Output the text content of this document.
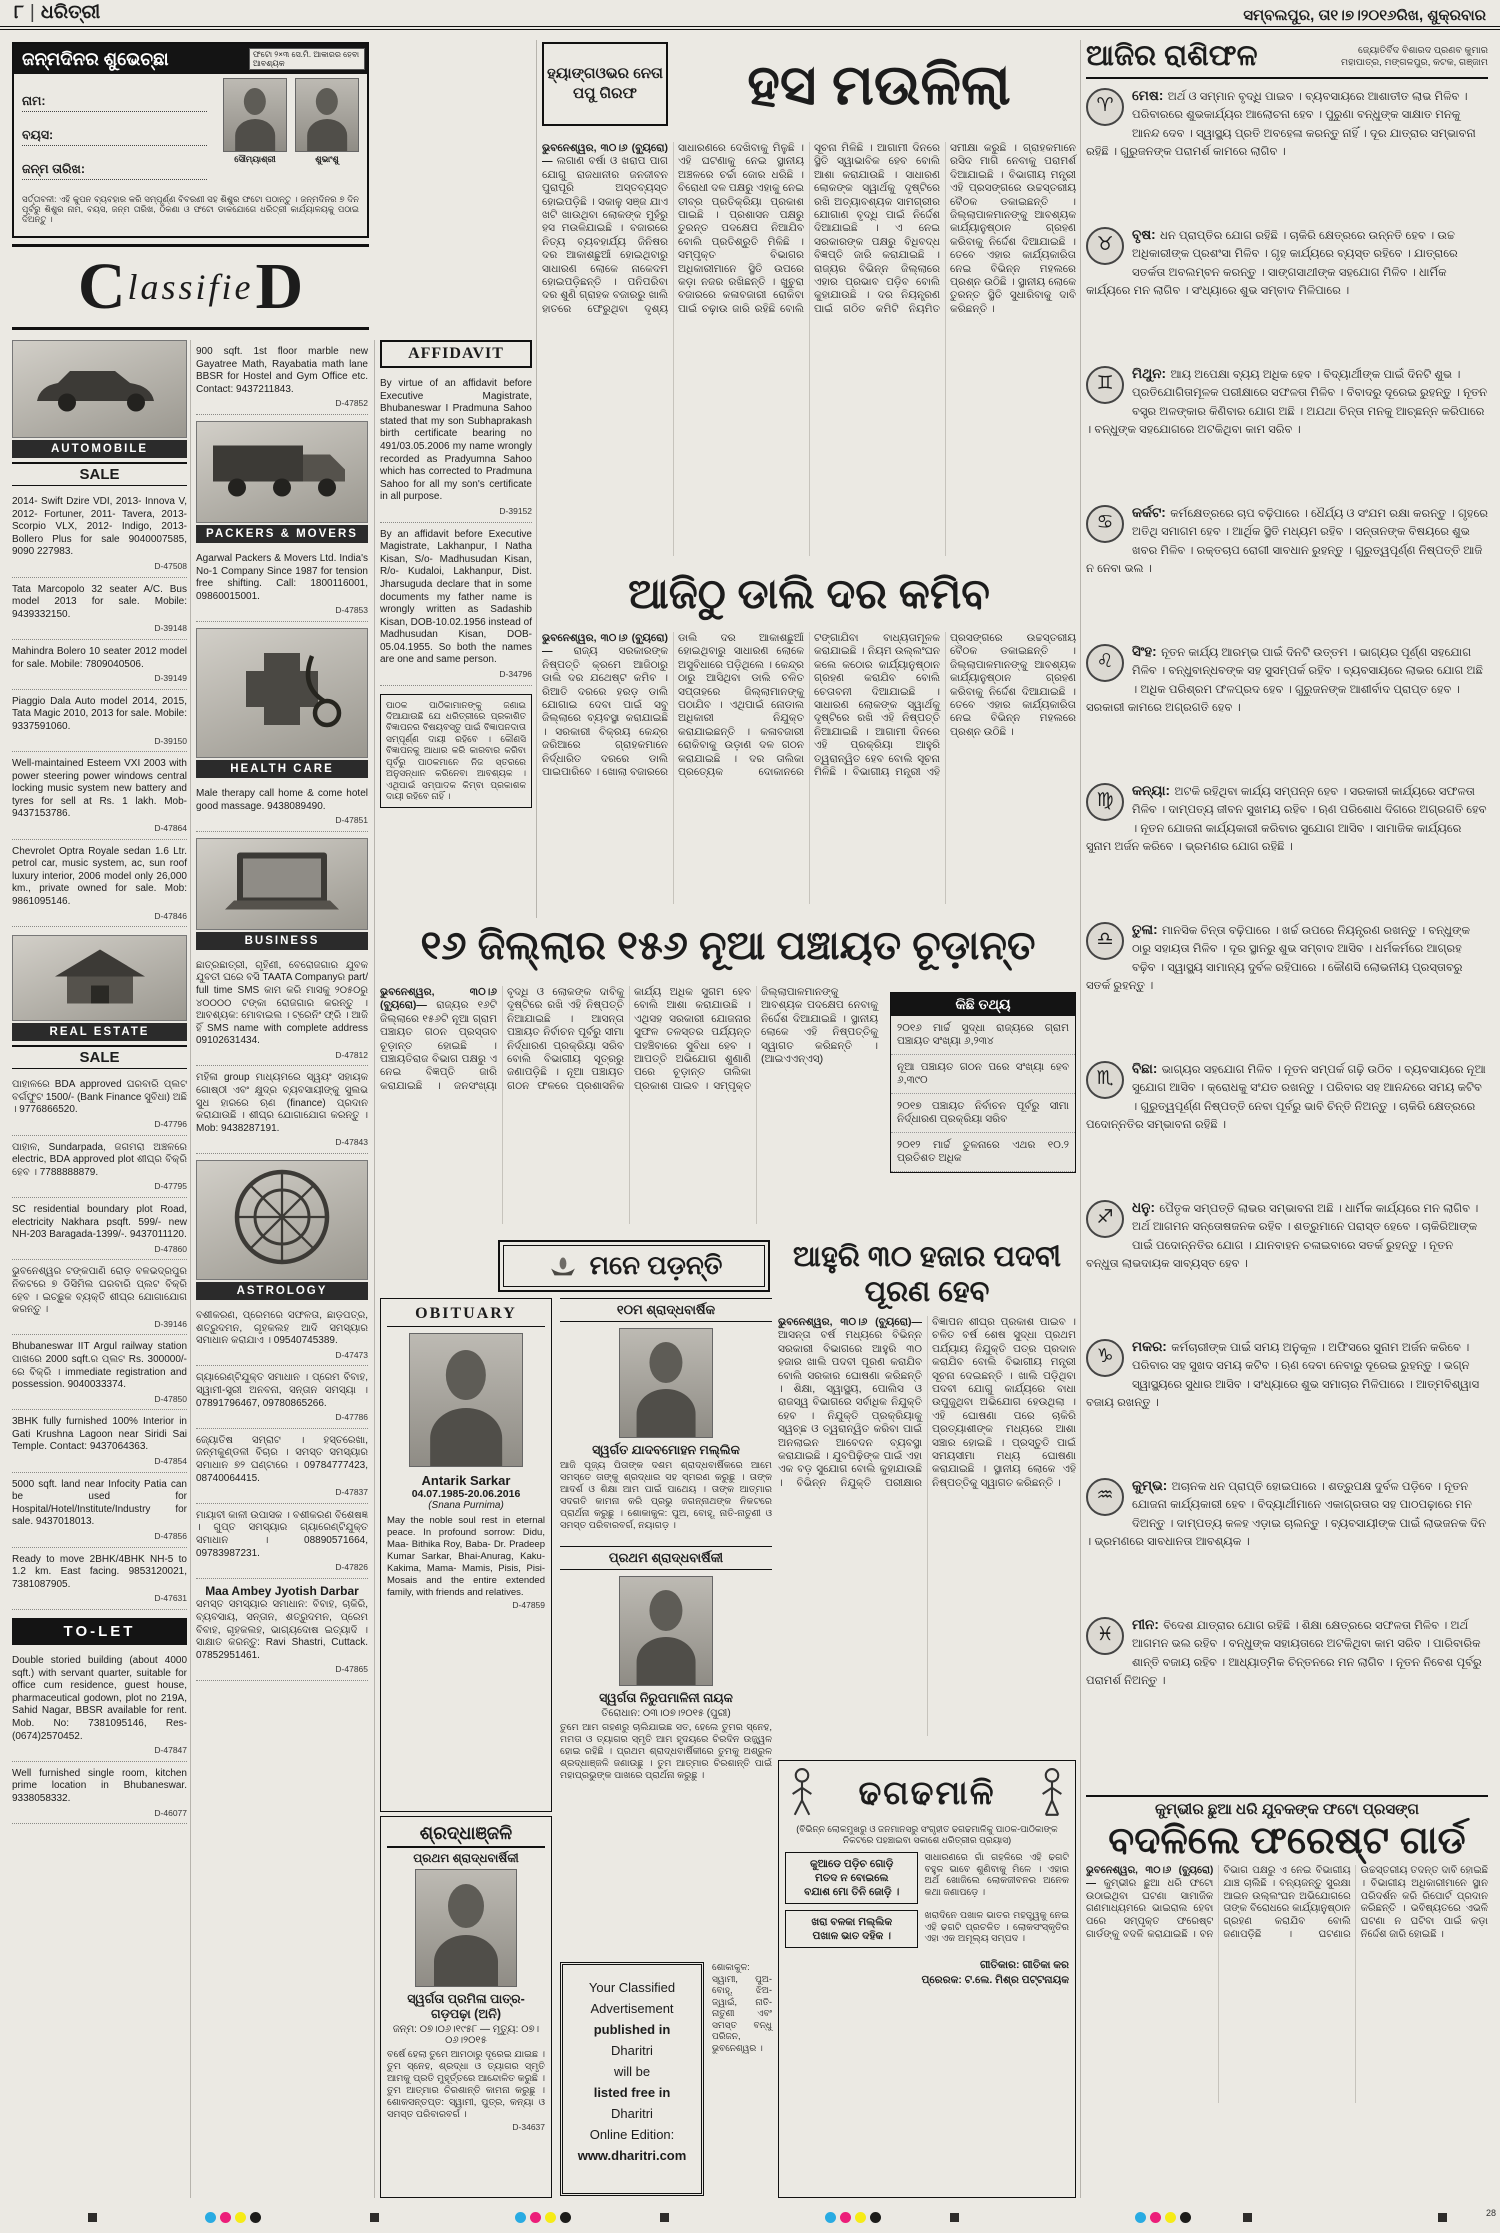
୮ | ଧରିତ୍ରୀ	ସମ୍ବଲପୁର, ତା୧।୭।୨୦୧୬ରିଖ, ଶୁକ୍ରବାର
ଜନ୍ମଦିନର ଶୁଭେଚ୍ଛା	ଫଟୋ ୨×୩ ସେ.ମି. ଆକାରର ହେବା ଆବଶ୍ୟକ
ନାମ:
ବୟସ:
ଜନ୍ମ ତାରିଖ:
ସୌମ୍ୟାଶ୍ରୀ	ଶୁଭାଂଶୁ
ସର୍ତ୍ତାବଳୀ: ଏହି କୁପନ ବ୍ୟବହାର କରି ସମ୍ପୂର୍ଣ୍ଣ ବିବରଣୀ ସହ ଶିଶୁର ଫଟୋ ପଠାନ୍ତୁ । ଜନ୍ମଦିନର ୭ ଦିନ ପୂର୍ବରୁ ଶିଶୁର ନାମ, ବୟସ, ଜନ୍ମ ତାରିଖ, ଠିକଣା ଓ ଫଟୋ ଡାକଯୋଗେ ଧରିତ୍ରୀ କାର୍ଯ୍ୟାଳୟକୁ ପଠାଇ ଦିଅନ୍ତୁ ।
C lassifie D
AUTOMOBILE
SALE
2014- Swift Dzire VDI, 2013- Innova V, 2012- Fortuner, 2011- Tavera, 2013- Scorpio VLX, 2012- Indigo, 2013- Bollero Plus for sale 9040007585, 9090 227983.
D-47508
Tata Marcopolo 32 seater A/C. Bus model 2013 for sale. Mobile: 9439332150.
D-39148
Mahindra Bolero 10 seater 2012 model for sale. Mobile: 7809040506.
D-39149
Piaggio Dala Auto model 2014, 2015, Tata Magic 2010, 2013 for sale. Mobile: 9337591060.
D-39150
Well-maintained Esteem VXI 2003 with power steering power windows central locking music system new battery and tyres for sell at Rs. 1 lakh. Mob-9437153786.
D-47864
Chevrolet Optra Royale sedan 1.6 Ltr. petrol car, music system, ac, sun roof luxury interior, 2006 model only 26,000 km., private owned for sale. Mob: 9861095146.
D-47846
REAL ESTATE
SALE
ପାହାଳରେ BDA approved ଘରବାରି ପ୍ଲଟ ବର୍ଗଫୁଟ 1500/- (Bank Finance ସୁବିଧା) ଅଛି । 9776866520.
D-47796
ପାହାଳ, Sundarpada, ଜଗମରା ଅଞ୍ଚଳରେ electric, BDA approved plot ଶୀଘ୍ର ବିକ୍ରି ହେବ । 7788888879.
D-47795
SC residential boundary plot Road, electricity Nakhara psqft. 599/- new NH-203 Baragada-1399/-. 9437011120.
D-47860
ଭୁବନେଶ୍ୱର ଟଙ୍କପାଣି ରୋଡ଼ ବଳଭଦ୍ରପୁର ନିକଟରେ ୭ ଡିସିମିଲ ଘରବାରି ପ୍ଲଟ ବିକ୍ରି ହେବ । ଇଚ୍ଛୁକ ବ୍ୟକ୍ତି ଶୀଘ୍ର ଯୋଗାଯୋଗ କରନ୍ତୁ ।
D-39146
Bhubaneswar IIT Argul railway station ପାଖରେ 2000 sqft.ର ପ୍ଲଟ Rs. 300000/-ରେ ବିକ୍ରି । immediate registration and possession. 9040033374.
D-47850
3BHK fully furnished 100% Interior in Gati Krushna Lagoon near Siridi Sai Temple. Contact: 9437064363.
D-47854
5000 sqft. land near Infocity Patia can be used for Hospital/Hotel/Institute/Industry for sale. 9437018013.
D-47856
Ready to move 2BHK/4BHK NH-5 to 1.2 km. East facing. 9853120021, 7381087905.
D-47631
TO-LET
Double storied building (about 4000 sqft.) with servant quarter, suitable for office cum residence, guest house, pharmaceutical godown, plot no 219A, Sahid Nagar, BBSR available for rent. Mob. No: 7381095146, Res-(0674)2570452.
D-47847
Well furnished single room, kitchen prime location in Bhubaneswar. 9338058332.
D-46077
900 sqft. 1st floor marble new Gayatree Math, Rayabatia math lane BBSR for Hostel and Gym Office etc. Contact: 9437211843.
D-47852
PACKERS & MOVERS
Agarwal Packers & Movers Ltd. India's No-1 Company Since 1987 for tension free shifting. Call: 1800116001, 09860015001.
D-47853
HEALTH CARE
Male therapy call home & come hotel good massage. 9438089490.
D-47851
BUSINESS
ଛାତ୍ରଛାତ୍ରୀ, ଗୃହିଣୀ, ବେରୋଜଗାର ଯୁବକ ଯୁବତୀ ଘରେ ବସି TAATA Companyର part/ full time SMS କାମ କରି ମାସକୁ ୨୦୫୦ରୁ ୪୦୦୦୦ ଟଙ୍କା ରୋଜଗାର କରନ୍ତୁ । ଆବଶ୍ୟକ: ମୋବାଇଲ । ଟ୍ରେନିଂ ଫ୍ରି । ଆଜି ହିଁ SMS name with complete address 09102631434.
D-47812
ମହିଳା group ମାଧ୍ୟମରେ ସ୍ୱୟଂ ସହାୟକ ଗୋଷ୍ଠୀ ଏବଂ କ୍ଷୁଦ୍ର ବ୍ୟବସାୟୀଙ୍କୁ ସୁଲଭ ସୁଧ ହାରରେ ଋଣ (finance) ପ୍ରଦାନ କରାଯାଉଛି । ଶୀଘ୍ର ଯୋଗାଯୋଗ କରନ୍ତୁ । Mob: 9438287191.
D-47843
ASTROLOGY
ବଶୀକରଣ, ପ୍ରେମରେ ସଫଳତା, ଛାଡ଼ପତ୍ର, ଶତ୍ରୁଦମନ, ଗୃହକଲହ ଆଦି ସମସ୍ୟାର ସମାଧାନ କରାଯାଏ । 09540745389.
D-47473
ଗ୍ୟାରେଣ୍ଟିଯୁକ୍ତ ସମାଧାନ । ପ୍ରେମ ବିବାହ, ସ୍ୱାମୀ-ସ୍ତ୍ରୀ ଅନବନା, ସନ୍ତାନ ସମସ୍ୟା । 07891796467, 09780865266.
D-47786
ଜ୍ୟୋତିଷ ସମ୍ରାଟ । ହସ୍ତରେଖା, ଜନ୍ମକୁଣ୍ଡଳୀ ବିଚାର । ସମସ୍ତ ସମସ୍ୟାର ସମାଧାନ ୭୨ ଘଣ୍ଟାରେ । 09784777423, 08740064415.
D-47837
ମାୟାବୀ କାଳୀ ଉପାସକ । ବଶୀକରଣ ବିଶେଷଜ୍ଞ । ଗୁପ୍ତ ସମସ୍ୟାର ଗ୍ୟାରେଣ୍ଟିଯୁକ୍ତ ସମାଧାନ । 08890571664, 09783987231.
D-47826
Maa Ambey Jyotish Darbar
ସମସ୍ତ ସମସ୍ୟାର ସମାଧାନ: ବିବାହ, ଚାକିରି, ବ୍ୟବସାୟ, ସନ୍ତାନ, ଶତ୍ରୁଦମନ, ପ୍ରେମ ବିବାହ, ଗୃହକଲହ, ଭାଗ୍ୟଦୋଷ ଇତ୍ୟାଦି । ସାକ୍ଷାତ କରନ୍ତୁ: Ravi Shastri, Cuttack. 07852951461.
D-47865
AFFIDAVIT
By virtue of an affidavit before Executive Magistrate, Bhubaneswar I Pradmuna Sahoo stated that my son Subhaprakash birth certificate bearing no 491/03.05.2006 my name wrongly recorded as Pradyumna Sahoo which has corrected to Pradmuna Sahoo for all my son's certificate in all purpose.
D-39152
By an affidavit before Executive Magistrate, Lakhanpur, I Natha Kisan, S/o- Madhusudan Kisan, R/o- Kudaloi, Lakhanpur, Dist. Jharsuguda declare that in some documents my father name is wrongly written as Sadashib Kisan, DOB-10.02.1956 instead of Madhusudan Kisan, DOB-05.04.1955. So both the names are one and same person.
D-34796
ପାଠକ ପାଠିକାମାନଙ୍କୁ ଜଣାଇ ଦିଆଯାଉଛି ଯେ ଧରିତ୍ରୀରେ ପ୍ରକାଶିତ ବିଜ୍ଞାପନର ବିଷୟବସ୍ତୁ ପାଇଁ ବିଜ୍ଞାପନଦାତା ସମ୍ପୂର୍ଣ୍ଣ ଦାୟୀ ରହିବେ । କୌଣସି ବିଜ୍ଞାପନକୁ ଆଧାର କରି କାରବାର କରିବା ପୂର୍ବରୁ ପାଠକମାନେ ନିଜ ସ୍ତରରେ ଅନୁସନ୍ଧାନ କରିନେବା ଆବଶ୍ୟକ । ଏଥିପାଇଁ ସମ୍ପାଦକ କିମ୍ବା ପ୍ରକାଶକ ଦାୟୀ ରହିବେ ନାହିଁ ।
ହ୍ୟାଙ୍ଗଓଭର ନେତା ପପୁ ଗିରଫ	ହସ ମଉଳିଲା
ଭୁବନେଶ୍ୱର, ୩୦।୬ (ବ୍ୟୁରୋ)— ଲଗାଣ ବର୍ଷା ଓ ଖରାପ ପାଗ ଯୋଗୁ ରାଜଧାନୀର ଜନଜୀବନ ପୁରାପୂରି ଅସ୍ତବ୍ୟସ୍ତ ହୋଇପଡ଼ିଛି । ସକାଳୁ ସଞ୍ଜ ଯାଏ ଖଟି ଖାଉଥିବା ଲୋକଙ୍କ ମୁହଁରୁ ହସ ମଉଳିଯାଇଛି । ବଜାରରେ ନିତ୍ୟ ବ୍ୟବହାର୍ଯ୍ୟ ଜିନିଷର ଦର ଆକାଶଛୁଆଁ ହୋଇଥିବାରୁ ସାଧାରଣ ଲୋକେ ନାକେଦମ ହୋଇପଡ଼ିଛନ୍ତି । ପନିପରିବା ଦର ଶୁଣି ଗ୍ରାହକ ବଜାରରୁ ଖାଲି ହାତରେ ଫେରୁଥିବା ଦୃଶ୍ୟ ସାଧାରଣରେ ଦେଖିବାକୁ ମିଳୁଛି । ଏହି ଘଟଣାକୁ ନେଇ ସ୍ଥାନୀୟ ଅଞ୍ଚଳରେ ଚର୍ଚ୍ଚା ଜୋର ଧରିଛି । ବିରୋଧୀ ଦଳ ପକ୍ଷରୁ ଏହାକୁ ନେଇ ତୀବ୍ର ପ୍ରତିକ୍ରିୟା ପ୍ରକାଶ ପାଇଛି । ପ୍ରଶାସନ ପକ୍ଷରୁ ତୁରନ୍ତ ପଦକ୍ଷେପ ନିଆଯିବ ବୋଲି ପ୍ରତିଶ୍ରୁତି ମିଳିଛି । ସମ୍ପୃକ୍ତ ବିଭାଗର ଅଧିକାରୀମାନେ ସ୍ଥିତି ଉପରେ କଡ଼ା ନଜର ରଖିଛନ୍ତି । ଖୁଚୁରା ବଜାରରେ କଳାବଜାରୀ ରୋକିବା ପାଇଁ ଚଢ଼ାଉ ଜାରି ରହିଛି ବୋଲି ସୂଚନା ମିଳିଛି । ଆଗାମୀ ଦିନରେ ସ୍ଥିତି ସ୍ୱାଭାବିକ ହେବ ବୋଲି ଆଶା କରାଯାଉଛି । ସାଧାରଣ ଲୋକଙ୍କ ସ୍ୱାର୍ଥକୁ ଦୃଷ୍ଟିରେ ରଖି ଅତ୍ୟାବଶ୍ୟକ ସାମଗ୍ରୀର ଯୋଗାଣ ବୃଦ୍ଧି ପାଇଁ ନିର୍ଦ୍ଦେଶ ଦିଆଯାଇଛି । ଏ ନେଇ ସରକାରଙ୍କ ପକ୍ଷରୁ ବିଧିବଦ୍ଧ ବିଜ୍ଞପ୍ତି ଜାରି କରାଯାଇଛି । ରାଜ୍ୟର ବିଭିନ୍ନ ଜିଲ୍ଲାରେ ଏହାର ପ୍ରଭାବ ପଡ଼ିବ ବୋଲି କୁହାଯାଉଛି । ଦର ନିୟନ୍ତ୍ରଣ ପାଇଁ ଗଠିତ କମିଟି ନିୟମିତ ସମୀକ୍ଷା କରୁଛି । ଗ୍ରାହକମାନେ ରସିଦ ମାଗି ନେବାକୁ ପରାମର୍ଶ ଦିଆଯାଇଛି । ବିଭାଗୀୟ ମନ୍ତ୍ରୀ ଏହି ପ୍ରସଙ୍ଗରେ ଉଚ୍ଚସ୍ତରୀୟ ବୈଠକ ଡକାଇଛନ୍ତି । ଜିଲ୍ଲାପାଳମାନଙ୍କୁ ଆବଶ୍ୟକ କାର୍ଯ୍ୟାନୁଷ୍ଠାନ ଗ୍ରହଣ କରିବାକୁ ନିର୍ଦ୍ଦେଶ ଦିଆଯାଇଛି । ତେବେ ଏହାର କାର୍ଯ୍ୟକାରିତା ନେଇ ବିଭିନ୍ନ ମହଲରେ ପ୍ରଶ୍ନ ଉଠିଛି । ସ୍ଥାନୀୟ ଲୋକେ ତୁରନ୍ତ ସ୍ଥିତି ସୁଧାରିବାକୁ ଦାବି କରିଛନ୍ତି ।
ଆଜିଠୁ ଡାଲି ଦର କମିବ
ଭୁବନେଶ୍ୱର, ୩୦।୬ (ବ୍ୟୁରୋ)— ରାଜ୍ୟ ସରକାରଙ୍କ ନିଷ୍ପତ୍ତି କ୍ରମେ ଆଜିଠାରୁ ଡାଲି ଦର ଯଥେଷ୍ଟ କମିବ । ରିଆତି ଦରରେ ହରଡ଼ ଡାଲି ଯୋଗାଇ ଦେବା ପାଇଁ ସବୁ ଜିଲ୍ଲାରେ ବ୍ୟବସ୍ଥା କରାଯାଇଛି । ସରକାରୀ ବିକ୍ରୟ କେନ୍ଦ୍ର ଜରିଆରେ ଗ୍ରାହକମାନେ ନିର୍ଦ୍ଧାରିତ ଦରରେ ଡାଲି ପାଇପାରିବେ । ଖୋଲା ବଜାରରେ ଡାଲି ଦର ଆକାଶଛୁଆଁ ହୋଇଥିବାରୁ ସାଧାରଣ ଲୋକେ ଅସୁବିଧାରେ ପଡ଼ିଥିଲେ । କେନ୍ଦ୍ର ଠାରୁ ଆସିଥିବା ଡାଲି ଚଳିତ ସପ୍ତାହରେ ଜିଲ୍ଲାମାନଙ୍କୁ ପଠାଯିବ । ଏଥିପାଇଁ ନୋଡାଲ ଅଧିକାରୀ ନିଯୁକ୍ତ କରାଯାଇଛନ୍ତି । କଳାବଜାରୀ ରୋକିବାକୁ ଉଡ଼ାଣ ଦଳ ଗଠନ କରାଯାଇଛି । ଦର ତାଲିକା ପ୍ରତ୍ୟେକ ଦୋକାନରେ ଟଙ୍ଗାଯିବା ବାଧ୍ୟତାମୂଳକ କରାଯାଇଛି । ନିୟମ ଉଲ୍ଲଂଘନ କଲେ କଠୋର କାର୍ଯ୍ୟାନୁଷ୍ଠାନ ଗ୍ରହଣ କରାଯିବ ବୋଲି ଚେତାବନୀ ଦିଆଯାଇଛି । ସାଧାରଣ ଲୋକଙ୍କ ସ୍ୱାର୍ଥକୁ ଦୃଷ୍ଟିରେ ରଖି ଏହି ନିଷ୍ପତ୍ତି ନିଆଯାଇଛି । ଆଗାମୀ ଦିନରେ ଏହି ପ୍ରକ୍ରିୟା ଆହୁରି ତ୍ୱରାନ୍ୱିତ ହେବ ବୋଲି ସୂଚନା ମିଳିଛି । ବିଭାଗୀୟ ମନ୍ତ୍ରୀ ଏହି ପ୍ରସଙ୍ଗରେ ଉଚ୍ଚସ୍ତରୀୟ ବୈଠକ ଡକାଇଛନ୍ତି । ଜିଲ୍ଲାପାଳମାନଙ୍କୁ ଆବଶ୍ୟକ କାର୍ଯ୍ୟାନୁଷ୍ଠାନ ଗ୍ରହଣ କରିବାକୁ ନିର୍ଦ୍ଦେଶ ଦିଆଯାଇଛି । ତେବେ ଏହାର କାର୍ଯ୍ୟକାରିତା ନେଇ ବିଭିନ୍ନ ମହଲରେ ପ୍ରଶ୍ନ ଉଠିଛି ।
୧୬ ଜିଲ୍ଲାର ୧୫୬ ନୂଆ ପଞ୍ଚାୟତ ଚୂଡ଼ାନ୍ତ
ଭୁବନେଶ୍ୱର, ୩୦।୬ (ବ୍ୟୁରୋ)— ରାଜ୍ୟର ୧୬ଟି ଜିଲ୍ଲାରେ ୧୫୬ଟି ନୂଆ ଗ୍ରାମ ପଞ୍ଚାୟତ ଗଠନ ପ୍ରସ୍ତାବ ଚୂଡ଼ାନ୍ତ ହୋଇଛି । ପଞ୍ଚାୟତିରାଜ ବିଭାଗ ପକ୍ଷରୁ ଏ ନେଇ ବିଜ୍ଞପ୍ତି ଜାରି କରାଯାଇଛି । ଜନସଂଖ୍ୟା ବୃଦ୍ଧି ଓ ଲୋକଙ୍କ ଦାବିକୁ ଦୃଷ୍ଟିରେ ରଖି ଏହି ନିଷ୍ପତ୍ତି ନିଆଯାଇଛି । ଆସନ୍ତା ପଞ୍ଚାୟତ ନିର୍ବାଚନ ପୂର୍ବରୁ ସୀମା ନିର୍ଦ୍ଧାରଣ ପ୍ରକ୍ରିୟା ସରିବ ବୋଲି ବିଭାଗୀୟ ସୂତ୍ରରୁ ଜଣାପଡ଼ିଛି । ନୂଆ ପଞ୍ଚାୟତ ଗଠନ ଫଳରେ ପ୍ରଶାସନିକ କାର୍ଯ୍ୟ ଅଧିକ ସୁଗମ ହେବ ବୋଲି ଆଶା କରାଯାଉଛି । ଏଥିସହ ସରକାରୀ ଯୋଜନାର ସୁଫଳ ତଳସ୍ତର ପର୍ଯ୍ୟନ୍ତ ପହଞ୍ଚିବାରେ ସୁବିଧା ହେବ । ଆପତ୍ତି ଅଭିଯୋଗ ଶୁଣାଣି ପରେ ଚୂଡ଼ାନ୍ତ ତାଲିକା ପ୍ରକାଶ ପାଇବ । ସମ୍ପୃକ୍ତ ଜିଲ୍ଲାପାଳମାନଙ୍କୁ ଆବଶ୍ୟକ ପଦକ୍ଷେପ ନେବାକୁ ନିର୍ଦ୍ଦେଶ ଦିଆଯାଇଛି । ସ୍ଥାନୀୟ ଲୋକେ ଏହି ନିଷ୍ପତ୍ତିକୁ ସ୍ୱାଗତ କରିଛନ୍ତି । (ଆଇଏଏନ୍ଏସ୍)
କିଛି ତଥ୍ୟ
୨୦୧୬ ମାର୍ଚ୍ଚ ସୁଦ୍ଧା ରାଜ୍ୟରେ ଗ୍ରାମ ପଞ୍ଚାୟତ ସଂଖ୍ୟା ୬,୨୩୪
ନୂଆ ପଞ୍ଚାୟତ ଗଠନ ପରେ ସଂଖ୍ୟା ହେବ ୬,୩୯୦
୨୦୧୭ ପଞ୍ଚାୟତ ନିର୍ବାଚନ ପୂର୍ବରୁ ସୀମା ନିର୍ଦ୍ଧାରଣ ପ୍ରକ୍ରିୟା ସରିବ
୨୦୧୨ ମାର୍ଚ୍ଚ ତୁଳନାରେ ଏଥର ୧୦.୨ ପ୍ରତିଶତ ଅଧିକ
ମନେ ପଡ଼ନ୍ତି
OBITUARY
Antarik Sarkar
04.07.1985-20.06.2016
(Snana Purnima)
May the noble soul rest in eternal peace. In profound sorrow: Didu, Maa- Bithika Roy, Baba- Dr. Pradeep Kumar Sarkar, Bhai-Anurag, Kaku- Kakima, Mama- Mamis, Pisis, Pisi-Mosais and the entire extended family, with friends and relatives.
D-47859
୧୦ମ ଶ୍ରାଦ୍ଧବାର୍ଷିକ
ସ୍ୱର୍ଗତ ଯାଦବମୋହନ ମଲ୍ଲିକ
ଆଜି ପୂଜ୍ୟ ପିତାଙ୍କ ଦଶମ ଶ୍ରାଦ୍ଧବାର୍ଷିକରେ ଆମେ ସମସ୍ତେ ତାଙ୍କୁ ଶ୍ରଦ୍ଧାର ସହ ସ୍ମରଣ କରୁଛୁ । ତାଙ୍କ ଆଦର୍ଶ ଓ ଶିକ୍ଷା ଆମ ପାଇଁ ପାଥେୟ । ତାଙ୍କ ଆତ୍ମାର ସଦଗତି କାମନା କରି ପ୍ରଭୁ ଜଗନ୍ନାଥଙ୍କ ନିକଟରେ ପ୍ରାର୍ଥନା କରୁଛୁ । ଶୋକାକୁଳ: ପୁଅ, ବୋହୂ, ନାତି-ନାତୁଣୀ ଓ ସମସ୍ତ ପରିବାରବର୍ଗ, ନୟାଗଡ଼ ।
ପ୍ରଥମ ଶ୍ରାଦ୍ଧବାର୍ଷିକୀ
ସ୍ୱର୍ଗତା ନିରୁପମାଳିନୀ ନାୟକ
ତିରୋଧାନ: ୦୩।୦୭।୨୦୧୫ (ପୁରୀ)
ତୁମେ ଆମ ଗହଣରୁ ଚାଲିଯାଇଛ ସତ, ହେଲେ ତୁମର ସ୍ନେହ, ମମତା ଓ ତ୍ୟାଗର ସ୍ମୃତି ଆମ ହୃଦୟରେ ଚିରଦିନ ଉଜ୍ଜ୍ୱଳ ହୋଇ ରହିଛି । ପ୍ରଥମ ଶ୍ରାଦ୍ଧବାର୍ଷିକୀରେ ତୁମକୁ ଅଶ୍ରୁଳ ଶ୍ରଦ୍ଧାଞ୍ଜଳି ଜଣାଉଛୁ । ତୁମ ଆତ୍ମାର ଚିରଶାନ୍ତି ପାଇଁ ମହାପ୍ରଭୁଙ୍କ ପାଖରେ ପ୍ରାର୍ଥନା କରୁଛୁ ।
ଶ୍ରଦ୍ଧାଞ୍ଜଳି
ପ୍ରଥମ ଶ୍ରାଦ୍ଧବାର୍ଷିକୀ
ସ୍ୱର୍ଗତା ପ୍ରମିଳା ପାତ୍ର- ଗଡ଼ପଢ଼ା (ଅନି)
ଜନ୍ମ: ୦୭।୦୬।୧୯୫୮ — ମୃତ୍ୟୁ: ୦୭।୦୬।୨୦୧୫
ବର୍ଷେ ହେଲା ତୁମେ ଆମଠାରୁ ଦୂରେଇ ଯାଇଛ । ତୁମ ସ୍ନେହ, ଶ୍ରଦ୍ଧା ଓ ତ୍ୟାଗର ସ୍ମୃତି ଆମକୁ ପ୍ରତି ମୁହୂର୍ତ୍ତରେ ଆନ୍ଦୋଳିତ କରୁଛି । ତୁମ ଆତ୍ମାର ଚିରଶାନ୍ତି କାମନା କରୁଛୁ । ଶୋକସନ୍ତପ୍ତ: ସ୍ୱାମୀ, ପୁତ୍ର, କନ୍ୟା ଓ ସମସ୍ତ ପରିବାରବର୍ଗ ।
D-34637
Your Classified
Advertisement
published in
Dharitri
will be
listed free in
Dharitri
Online Edition:
www.dharitri.com
ଶୋକାକୁଳ: ସ୍ୱାମୀ, ପୁଅ-ବୋହୂ, ଝିଅ-ଜ୍ୱାଇଁ, ନାତି-ନାତୁଣୀ ଏବଂ ସମସ୍ତ ବନ୍ଧୁ ପରିଜନ, ଭୁବନେଶ୍ୱର ।
ଆହୁରି ୩୦ ହଜାର ପଦବୀ ପୂରଣ ହେବ
ଭୁବନେଶ୍ୱର, ୩୦।୬ (ବ୍ୟୁରୋ)— ଆସନ୍ତା ବର୍ଷ ମଧ୍ୟରେ ବିଭିନ୍ନ ସରକାରୀ ବିଭାଗରେ ଆହୁରି ୩୦ ହଜାର ଖାଲି ପଦବୀ ପୂରଣ କରାଯିବ ବୋଲି ସରକାର ଘୋଷଣା କରିଛନ୍ତି । ଶିକ୍ଷା, ସ୍ୱାସ୍ଥ୍ୟ, ପୋଲିସ ଓ ରାଜସ୍ୱ ବିଭାଗରେ ସର୍ବାଧିକ ନିଯୁକ୍ତି ହେବ । ନିଯୁକ୍ତି ପ୍ରକ୍ରିୟାକୁ ସ୍ୱଚ୍ଛ ଓ ତ୍ୱରାନ୍ୱିତ କରିବା ପାଇଁ ଅନଲାଇନ ଆବେଦନ ବ୍ୟବସ୍ଥା କରାଯାଇଛି । ଯୁବପିଢ଼ିଙ୍କ ପାଇଁ ଏହା ଏକ ବଡ଼ ସୁଯୋଗ ବୋଲି କୁହାଯାଉଛି । ବିଭିନ୍ନ ନିଯୁକ୍ତି ପରୀକ୍ଷାର ବିଜ୍ଞାପନ ଶୀଘ୍ର ପ୍ରକାଶ ପାଇବ । ଚଳିତ ବର୍ଷ ଶେଷ ସୁଦ୍ଧା ପ୍ରଥମ ପର୍ଯ୍ୟାୟ ନିଯୁକ୍ତି ପତ୍ର ପ୍ରଦାନ କରାଯିବ ବୋଲି ବିଭାଗୀୟ ମନ୍ତ୍ରୀ ସୂଚନା ଦେଇଛନ୍ତି । ଖାଲି ପଡ଼ିଥିବା ପଦବୀ ଯୋଗୁ କାର୍ଯ୍ୟରେ ବାଧା ଉପୁଜୁଥିବା ଅଭିଯୋଗ ହେଉଥିଲା । ଏହି ଘୋଷଣା ପରେ ଚାକିରି ପ୍ରତ୍ୟାଶୀଙ୍କ ମଧ୍ୟରେ ଆଶା ସଞ୍ଚାର ହୋଇଛି । ପ୍ରସ୍ତୁତି ପାଇଁ ସମୟସୀମା ମଧ୍ୟ ଘୋଷଣା କରାଯାଇଛି । ସ୍ଥାନୀୟ ଲୋକେ ଏହି ନିଷ୍ପତ୍ତିକୁ ସ୍ୱାଗତ କରିଛନ୍ତି ।
ଢଗଢମାଳି
(ବିଭିନ୍ନ ଲୋକମୁଖରୁ ଓ ଜନମାନସରୁ ସଂଗୃହୀତ ଢଗଢମାଳିକୁ ପାଠକ-ପାଠିକାଙ୍କ ନିକଟରେ ପହଞ୍ଚାଇବା ସକାଶେ ଧରିତ୍ରୀର ପ୍ରୟାସ)
କୁଆଡେ ପଡ଼ିଚ ଗୋଡ଼ି
ମତଦ ନ ବୋଇଲେ
ବଯାଶ ମୋ ତିନି ଜୋଡ଼ି ।
ସାଧାରଣରେ ଗାଁ ଗହଳିରେ ଏହି ଢଗଟି ବହୁଳ ଭାବେ ଶୁଣିବାକୁ ମିଳେ । ଏହାର ଅର୍ଥ ଖୋଜିଲେ ଲୋକଜୀବନର ଅନେକ କଥା ଜଣାପଡ଼େ ।
ଖରା ବଳକା ମଲ୍ଲିକ
ପଖାଳ ଭାତ ଦହିକ ।
ଖରାଦିନେ ପଖାଳ ଭାତର ମହତ୍ତ୍ୱକୁ ନେଇ ଏହି ଢଗଟି ପ୍ରଚଳିତ । ଲୋକସଂସ୍କୃତିର ଏହା ଏକ ଅମୂଲ୍ୟ ସମ୍ପଦ ।
ଗୀତିକାର: ଗୀତିକା କର
ପ୍ରେରକ: ଟ.ଲେ. ମିଶ୍ର ପଟ୍ଟନାୟକ
ଆଜିର ରାଶିଫଳ	ଜ୍ୟୋତିର୍ବିଦ ବିଶାରଦ ପ୍ରଣବ କୁମାର ମହାପାତ୍ର, ମଙ୍ଗଳପୁର, କଟକ, ଗଞ୍ଜାମ
♈	ମେଷ: ଅର୍ଥ ଓ ସମ୍ମାନ ବୃଦ୍ଧି ପାଇବ । ବ୍ୟବସାୟରେ ଆଶାତୀତ ଲାଭ ମିଳିବ । ପରିବାରରେ ଶୁଭକାର୍ଯ୍ୟର ଆଲୋଚନା ହେବ । ପୁରୁଣା ବନ୍ଧୁଙ୍କ ସାକ୍ଷାତ ମନକୁ ଆନନ୍ଦ ଦେବ । ସ୍ୱାସ୍ଥ୍ୟ ପ୍ରତି ଅବହେଳା କରନ୍ତୁ ନାହିଁ । ଦୂର ଯାତ୍ରାର ସମ୍ଭାବନା ରହିଛି । ଗୁରୁଜନଙ୍କ ପରାମର୍ଶ କାମରେ ଲାଗିବ ।
♉	ବୃଷ: ଧନ ପ୍ରାପ୍ତିର ଯୋଗ ରହିଛି । ଚାକିରି କ୍ଷେତ୍ରରେ ଉନ୍ନତି ହେବ । ଉଚ୍ଚ ଅଧିକାରୀଙ୍କ ପ୍ରଶଂସା ମିଳିବ । ଗୃହ କାର୍ଯ୍ୟରେ ବ୍ୟସ୍ତ ରହିବେ । ଯାତ୍ରାରେ ସତର୍କତା ଅବଲମ୍ବନ କରନ୍ତୁ । ସାଙ୍ଗସାଥୀଙ୍କ ସହଯୋଗ ମିଳିବ । ଧାର୍ମିକ କାର୍ଯ୍ୟରେ ମନ ଲାଗିବ । ସଂଧ୍ୟାରେ ଶୁଭ ସମ୍ବାଦ ମିଳିପାରେ ।
♊	ମିଥୁନ: ଆୟ ଅପେକ୍ଷା ବ୍ୟୟ ଅଧିକ ହେବ । ବିଦ୍ୟାର୍ଥୀଙ୍କ ପାଇଁ ଦିନଟି ଶୁଭ । ପ୍ରତିଯୋଗିତାମୂଳକ ପରୀକ୍ଷାରେ ସଫଳତା ମିଳିବ । ବିବାଦରୁ ଦୂରେଇ ରୁହନ୍ତୁ । ନୂତନ ବସ୍ତ୍ର ଅଳଙ୍କାର କିଣିବାର ଯୋଗ ଅଛି । ଅଯଥା ଚିନ୍ତା ମନକୁ ଆଚ୍ଛନ୍ନ କରିପାରେ । ବନ୍ଧୁଙ୍କ ସହଯୋଗରେ ଅଟକିଥିବା କାମ ସରିବ ।
♋	କର୍କଟ: କର୍ମକ୍ଷେତ୍ରରେ ଚାପ ବଢ଼ିପାରେ । ଧୈର୍ଯ୍ୟ ଓ ସଂଯମ ରକ୍ଷା କରନ୍ତୁ । ଗୃହରେ ଅତିଥି ସମାଗମ ହେବ । ଆର୍ଥିକ ସ୍ଥିତି ମଧ୍ୟମ ରହିବ । ସନ୍ତାନଙ୍କ ବିଷୟରେ ଶୁଭ ଖବର ମିଳିବ । ରକ୍ତଚାପ ରୋଗୀ ସାବଧାନ ରୁହନ୍ତୁ । ଗୁରୁତ୍ୱପୂର୍ଣ୍ଣ ନିଷ୍ପତ୍ତି ଆଜି ନ ନେବା ଭଲ ।
♌	ସିଂହ: ନୂତନ କାର୍ଯ୍ୟ ଆରମ୍ଭ ପାଇଁ ଦିନଟି ଉତ୍ତମ । ଭାଗ୍ୟର ପୂର୍ଣ୍ଣ ସହଯୋଗ ମିଳିବ । ବନ୍ଧୁବାନ୍ଧବଙ୍କ ସହ ସୁସମ୍ପର୍କ ରହିବ । ବ୍ୟବସାୟରେ ଲାଭର ଯୋଗ ଅଛି । ଅଧିକ ପରିଶ୍ରମ ଫଳପ୍ରଦ ହେବ । ଗୁରୁଜନଙ୍କ ଆଶୀର୍ବାଦ ପ୍ରାପ୍ତ ହେବ । ସରକାରୀ କାମରେ ଅଗ୍ରଗତି ହେବ ।
♍	କନ୍ୟା: ଅଟକି ରହିଥିବା କାର୍ଯ୍ୟ ସମ୍ପନ୍ନ ହେବ । ସରକାରୀ କାର୍ଯ୍ୟରେ ସଫଳତା ମିଳିବ । ଦାମ୍ପତ୍ୟ ଜୀବନ ସୁଖମୟ ରହିବ । ଋଣ ପରିଶୋଧ ଦିଗରେ ଅଗ୍ରଗତି ହେବ । ନୂତନ ଯୋଜନା କାର୍ଯ୍ୟକାରୀ କରିବାର ସୁଯୋଗ ଆସିବ । ସାମାଜିକ କାର୍ଯ୍ୟରେ ସୁନାମ ଅର୍ଜନ କରିବେ । ଭ୍ରମଣର ଯୋଗ ରହିଛି ।
♎	ତୁଳା: ମାନସିକ ଚିନ୍ତା ବଢ଼ିପାରେ । ଖର୍ଚ୍ଚ ଉପରେ ନିୟନ୍ତ୍ରଣ ରଖନ୍ତୁ । ବନ୍ଧୁଙ୍କ ଠାରୁ ସହାୟତା ମିଳିବ । ଦୂର ସ୍ଥାନରୁ ଶୁଭ ସମ୍ବାଦ ଆସିବ । ଧର୍ମକର୍ମରେ ଆଗ୍ରହ ବଢ଼ିବ । ସ୍ୱାସ୍ଥ୍ୟ ସାମାନ୍ୟ ଦୁର୍ବଳ ରହିପାରେ । କୌଣସି ଲୋଭନୀୟ ପ୍ରସ୍ତାବରୁ ସତର୍କ ରୁହନ୍ତୁ ।
♏	ବିଛା: ଭାଗ୍ୟର ସହଯୋଗ ମିଳିବ । ନୂତନ ସମ୍ପର୍କ ଗଢ଼ି ଉଠିବ । ବ୍ୟବସାୟରେ ନୂଆ ସୁଯୋଗ ଆସିବ । କ୍ରୋଧକୁ ସଂଯତ ରଖନ୍ତୁ । ପରିବାର ସହ ଆନନ୍ଦରେ ସମୟ କଟିବ । ଗୁରୁତ୍ୱପୂର୍ଣ୍ଣ ନିଷ୍ପତ୍ତି ନେବା ପୂର୍ବରୁ ଭାବି ଚିନ୍ତି ନିଅନ୍ତୁ । ଚାକିରି କ୍ଷେତ୍ରରେ ପଦୋନ୍ନତିର ସମ୍ଭାବନା ରହିଛି ।
♐	ଧନୁ: ପୈତୃକ ସମ୍ପତ୍ତି ଲାଭର ସମ୍ଭାବନା ଅଛି । ଧାର୍ମିକ କାର୍ଯ୍ୟରେ ମନ ଲାଗିବ । ଅର୍ଥ ଆଗମନ ସନ୍ତୋଷଜନକ ରହିବ । ଶତ୍ରୁମାନେ ପରାସ୍ତ ହେବେ । ଚାକିରିଆଙ୍କ ପାଇଁ ପଦୋନ୍ନତିର ଯୋଗ । ଯାନବାହନ ଚଳାଇବାରେ ସତର୍କ ରୁହନ୍ତୁ । ନୂତନ ବନ୍ଧୁତା ଲାଭଦାୟକ ସାବ୍ୟସ୍ତ ହେବ ।
♑	ମକର: କର୍ମଚାରୀଙ୍କ ପାଇଁ ସମୟ ଅନୁକୂଳ । ଅଫିସରେ ସୁନାମ ଅର୍ଜନ କରିବେ । ପରିବାର ସହ ସୁଖଦ ସମୟ କଟିବ । ଋଣ ଦେବା ନେବାରୁ ଦୂରେଇ ରୁହନ୍ତୁ । ଭଗ୍ନ ସ୍ୱାସ୍ଥ୍ୟରେ ସୁଧାର ଆସିବ । ସଂଧ୍ୟାରେ ଶୁଭ ସମାଚାର ମିଳିପାରେ । ଆତ୍ମବିଶ୍ୱାସ ବଜାୟ ରଖନ୍ତୁ ।
♒	କୁମ୍ଭ: ଅଚାନକ ଧନ ପ୍ରାପ୍ତି ହୋଇପାରେ । ଶତ୍ରୁପକ୍ଷ ଦୁର୍ବଳ ପଡ଼ିବେ । ନୂତନ ଯୋଜନା କାର୍ଯ୍ୟକାରୀ ହେବ । ବିଦ୍ୟାର୍ଥୀମାନେ ଏକାଗ୍ରତାର ସହ ପାଠପଢ଼ାରେ ମନ ଦିଅନ୍ତୁ । ଦାମ୍ପତ୍ୟ କଳହ ଏଡ଼ାଇ ଚାଲନ୍ତୁ । ବ୍ୟବସାୟୀଙ୍କ ପାଇଁ ଲାଭଜନକ ଦିନ । ଭ୍ରମଣରେ ସାବଧାନତା ଆବଶ୍ୟକ ।
♓	ମୀନ: ବିଦେଶ ଯାତ୍ରାର ଯୋଗ ରହିଛି । ଶିକ୍ଷା କ୍ଷେତ୍ରରେ ସଫଳତା ମିଳିବ । ଅର୍ଥ ଆଗମନ ଭଲ ରହିବ । ବନ୍ଧୁଙ୍କ ସହାୟତାରେ ଅଟକିଥିବା କାମ ସରିବ । ପାରିବାରିକ ଶାନ୍ତି ବଜାୟ ରହିବ । ଆଧ୍ୟାତ୍ମିକ ଚିନ୍ତନରେ ମନ ଲାଗିବ । ନୂତନ ନିବେଶ ପୂର୍ବରୁ ପରାମର୍ଶ ନିଅନ୍ତୁ ।
କୁମ୍ଭୀର ଛୁଆ ଧରି ଯୁବକଙ୍କ ଫଟୋ ପ୍ରସଙ୍ଗ
ବଦଳିଲେ ଫରେଷ୍ଟ ଗାର୍ଡ
ଭୁବନେଶ୍ୱର, ୩୦।୬ (ବ୍ୟୁରୋ)— କୁମ୍ଭୀର ଛୁଆ ଧରି ଫଟୋ ଉଠାଇଥିବା ଘଟଣା ସାମାଜିକ ଗଣମାଧ୍ୟମରେ ଭାଇରାଲ ହେବା ପରେ ସମ୍ପୃକ୍ତ ଫରେଷ୍ଟ ଗାର୍ଡଙ୍କୁ ବଦଳି କରାଯାଇଛି । ବନ ବିଭାଗ ପକ୍ଷରୁ ଏ ନେଇ ବିଭାଗୀୟ ଯାଞ୍ଚ ଚାଲିଛି । ବନ୍ୟଜନ୍ତୁ ସୁରକ୍ଷା ଆଇନ ଉଲ୍ଲଂଘନ ଅଭିଯୋଗରେ ତାଙ୍କ ବିରୋଧରେ କାର୍ଯ୍ୟାନୁଷ୍ଠାନ ଗ୍ରହଣ କରାଯିବ ବୋଲି ଜଣାପଡ଼ିଛି । ଘଟଣାର ଉଚ୍ଚସ୍ତରୀୟ ତଦନ୍ତ ଦାବି ହୋଇଛି । ବିଭାଗୀୟ ଅଧିକାରୀମାନେ ସ୍ଥାନ ପରିଦର୍ଶନ କରି ରିପୋର୍ଟ ପ୍ରଦାନ କରିଛନ୍ତି । ଭବିଷ୍ୟତରେ ଏଭଳି ଘଟଣା ନ ଘଟିବା ପାଇଁ କଡ଼ା ନିର୍ଦ୍ଦେଶ ଜାରି ହୋଇଛି ।
28
